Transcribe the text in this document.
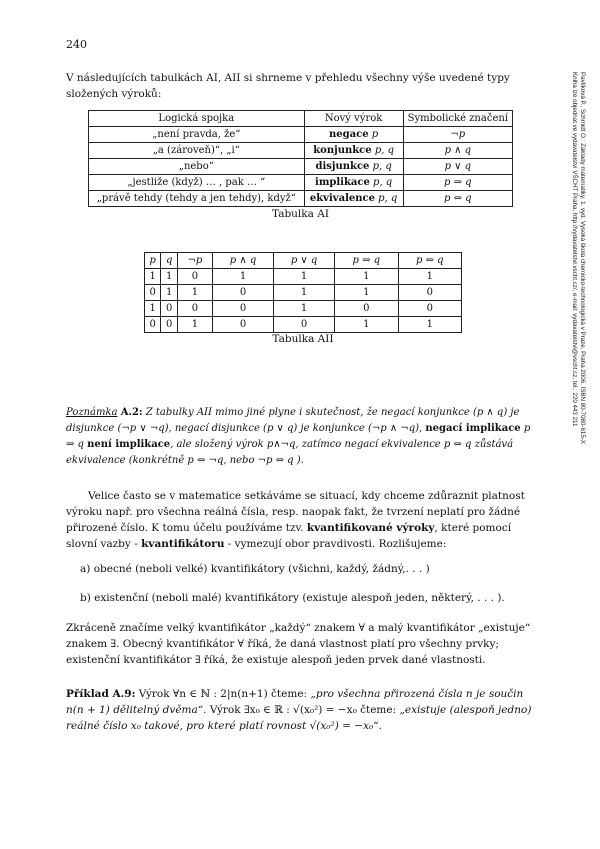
240

V následujících tabulkách AI, AII si shrneme v přehledu všechny výše uvedené typy složených výroků:

Logická spojka	Nový výrok	Symbolické značení
„není pravda, že“	negace p	¬p
„a (zároveň)“, „i“	konjunkce p, q	p ∧ q
„nebo“	disjunkce p, q	p ∨ q
„jestliže (když) … , pak … “	implikace p, q	p ⇒ q
„právě tehdy (tehdy a jen tehdy), když“	ekvivalence p, q	p ⇔ q
Tabulka AI
p	q	¬p	p ∧ q	p ∨ q	p ⇒ q	p ⇔ q
1	1	0	1	1	1	1
0	1	1	0	1	1	0
1	0	0	0	1	0	0
0	0	1	0	0	1	1
Tabulka AII
Poznámka A.2: Z tabulky AII mimo jiné plyne i skutečnost, že negací konjunkce (p ∧ q) je disjunkce (¬p ∨ ¬q), negací disjunkce (p ∨ q) je konjunkce (¬p ∧ ¬q), negací implikace p ⇒ q není implikace, ale složený výrok p∧¬q, zatímco negací ekvivalence p ⇔ q zůstává ekvivalence (konkrétně p ⇔ ¬q, nebo ¬p ⇔ q ).

Velice často se v matematice setkáváme se situací, kdy chceme zdůraznit platnost výroku např. pro všechna reálná čísla, resp. naopak fakt, že tvrzení neplatí pro žádné přirozené číslo. K tomu účelu používáme tzv. kvantifikované výroky, které pomocí slovní vazby - kvantifikátoru - vymezují obor pravdivosti. Rozlišujeme:

a) obecné (neboli velké) kvantifikátory (všichni, každý, žádný,. . . )
b) existenční (neboli malé) kvantifikátory (existuje alespoň jeden, některý, . . . ).

Zkráceně značíme velký kvantifikátor „každý“ znakem ∀ a malý kvantifikátor „existuje“ znakem ∃. Obecný kvantifikátor ∀ říká, že daná vlastnost platí pro všechny prvky; existenční kvantifikátor ∃ říká, že existuje alespoň jeden prvek dané vlastnosti.

Příklad A.9: Výrok ∀n ∈ ℕ : 2|n(n+1) čteme: „pro všechna přirozená čísla n je součin n(n + 1) dělitelný dvěma“. Výrok ∃x₀ ∈ ℝ : √(x₀²) = −x₀ čteme: „existuje (alespoň jedno) reálné číslo x₀ takové, pro které platí rovnost √(x₀²) = −x₀“.
Pavlíková P., Schmidt O.: Základy matematiky, 1. vyd. Vysoká škola chemicko-technologická v Praze, Praha 2006. ISBN 80-7080-615-X
Kniha lze objednat ve vydavatelství VŠCHT Praha, http://vydavatelstvi.vscht.cz/, e-mail: vydavatelstvi@vscht.cz, tel.: 220 443 211
